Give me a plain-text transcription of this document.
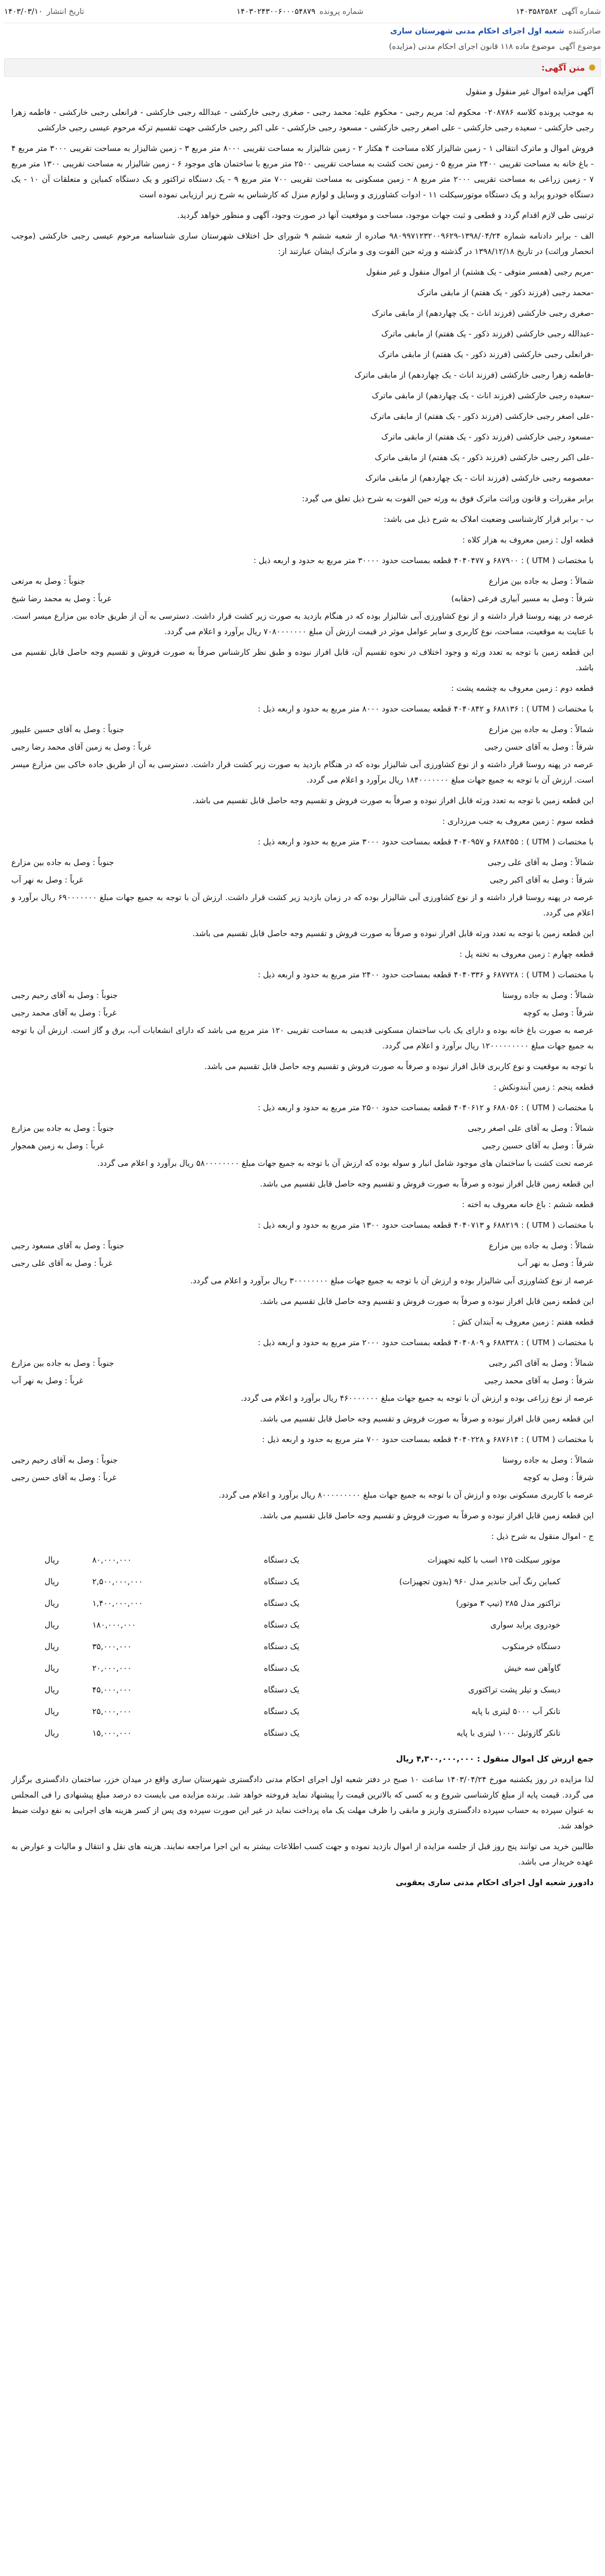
شماره آگهی
۱۴۰۳۵۸۲۵۸۲
شماره پرونده
۱۴۰۳۰۲۴۳۰۰۶۰۰۰۵۴۸۷۹
تاریخ انتشار
۱۴۰۳/۰۳/۱۰
صادرکننده
شعبه اول اجرای احکام مدنی شهرستان ساری
موضوع آگهی
موضوع ماده ۱۱۸ قانون اجرای احکام مدنی (مزایده)
متن آگهی:

آگهی مزایده اموال غیر منقول و منقول

به موجب پرونده کلاسه ۰۲۰۸۷۸۶ محکوم له: مریم رجبی - محکوم علیه: محمد رجبی - صغری رجبی خارکشی - عبدالله رجبی خارکشی - فرانعلی رجبی خارکشی - فاطمه زهرا رجبی خارکشی - سعیده رجبی خارکشی - علی اصغر رجبی خارکشی - مسعود رجبی خارکشی - علی اکبر رجبی خارکشی جهت تقسیم ترکه مرحوم عیسی رجبی خارکشی

فروش اموال و ماترک انتقالی ۱ - زمین شالیزار کلاه مساحت ۴ هکتار ۲ - زمین شالیزار به مساحت تقریبی ۸۰۰۰ متر مربع ۳ - زمین شالیزار به مساحت تقریبی ۳۰۰۰ متر مربع ۴ - باغ خانه به مساحت تقریبی ۲۴۰۰ متر مربع ۵ - زمین تحت کشت به مساحت تقریبی ۲۵۰۰ متر مربع با ساختمان های موجود ۶ - زمین شالیزار به مساحت تقریبی ۱۳۰۰ متر مربع ۷ - زمین زراعی به مساحت تقریبی ۲۰۰۰ متر مربع ۸ - زمین مسکونی به مساحت تقریبی ۷۰۰ متر مربع ۹ - یک دستگاه تراکتور و یک دستگاه کمباین و متعلقات آن ۱۰ - یک دستگاه خودرو پراید و یک دستگاه موتورسیکلت ۱۱ - ادوات کشاورزی و وسایل و لوازم منزل که کارشناس به شرح زیر ارزیابی نموده است

ترتیبی طی لازم اقدام گردد و قطعی و ثبت جهات موجود، مساحت و موقعیت آنها در صورت وجود، آگهی و منظور خواهد گردید.

الف - برابر دادنامه شماره ۱۳۹۸/۰۴/۲۴-۹۸۰۹۹۷۱۲۳۲۰۰۹۶۲۹ صادره از شعبه ششم ۹ شورای حل اختلاف شهرستان ساری شناسنامه مرحوم عیسی رجبی خارکشی (موجب انحصار وراثت) در تاریخ ۱۳۹۸/۱۲/۱۸ در گذشته و ورثه حین الفوت وی و ماترک ایشان عبارتند از:

-مریم رجبی (همسر متوفی - یک هشتم) از اموال منقول و غیر منقول

-محمد رجبی (فرزند ذکور - یک هفتم) از مابقی ماترک

-صغری رجبی خارکشی (فرزند اناث - یک چهاردهم) از مابقی ماترک

-عبدالله رجبی خارکشی (فرزند ذکور - یک هفتم) از مابقی ماترک

-فرانعلی رجبی خارکشی (فرزند ذکور - یک هفتم) از مابقی ماترک

-فاطمه زهرا رجبی خارکشی (فرزند اناث - یک چهاردهم) از مابقی ماترک

-سعیده رجبی خارکشی (فرزند اناث - یک چهاردهم) از مابقی ماترک

-علی اصغر رجبی خارکشی (فرزند ذکور - یک هفتم) از مابقی ماترک

-مسعود رجبی خارکشی (فرزند ذکور - یک هفتم) از مابقی ماترک

-علی اکبر رجبی خارکشی (فرزند ذکور - یک هفتم) از مابقی ماترک

-معصومه رجبی خارکشی (فرزند اناث - یک چهاردهم) از مابقی ماترک

برابر مقررات و قانون وراثت ماترک فوق به ورثه حین الفوت به شرح ذیل تعلق می گیرد:

ب - برابر قرار کارشناسی وضعیت املاک به شرح ذیل می باشد:

قطعه اول : زمین معروف به هزار کلاه :

با مختصات ( UTM ) : ۶۸۷۹۰۰ و ۴۰۴۰۴۷۷ قطعه بمساحت حدود ۳۰۰۰۰ متر مربع به حدود و اربعه ذیل :

شمالاً : وصل به جاده بین مزارع
جنوباً : وصل به مرتعی
شرقاً : وصل به مسیر آبیاری فرعی (حقابه)
غرباً : وصل به محمد رضا شیخ

عرصه در پهنه روستا قرار داشته و از نوع کشاورزی آبی شالیزار بوده که در هنگام بازدید به صورت زیر کشت قرار داشت. دسترسی به آن از طریق جاده بین مزارع میسر است. با عنایت به موقعیت، مساحت، نوع کاربری و سایر عوامل موثر در قیمت ارزش آن مبلغ ۷۰۸۰۰۰۰۰۰۰ ریال برآورد و اعلام می گردد.

این قطعه زمین با توجه به تعدد ورثه و وجود اختلاف در نحوه تقسیم آن، قابل افراز نبوده و طبق نظر کارشناس صرفاً به صورت فروش و تقسیم وجه حاصل قابل تقسیم می باشد.

قطعه دوم : زمین معروف به چشمه پشت :

با مختصات ( UTM ) : ۶۸۸۱۳۶ و ۴۰۴۰۸۴۲ قطعه بمساحت حدود ۸۰۰۰ متر مربع به حدود و اربعه ذیل :

شمالاً : وصل به جاده بین مزارع
جنوباً : وصل به آقای حسین علیپور
شرقاً : وصل به آقای حسن رجبی
غرباً : وصل به زمین آقای محمد رضا رجبی

عرصه در پهنه روستا قرار داشته و از نوع کشاورزی آبی شالیزار بوده که در هنگام بازدید به صورت زیر کشت قرار داشت. دسترسی به آن از طریق جاده خاکی بین مزارع میسر است. ارزش آن با توجه به جمیع جهات مبلغ ۱۸۴۰۰۰۰۰۰۰ ریال برآورد و اعلام می گردد.

این قطعه زمین با توجه به تعدد ورثه قابل افراز نبوده و صرفاً به صورت فروش و تقسیم وجه حاصل قابل تقسیم می باشد.

قطعه سوم : زمین معروف به جنب مرزداری :

با مختصات ( UTM ) : ۶۸۸۴۵۵ و ۴۰۴۰۹۵۷ قطعه بمساحت حدود ۳۰۰۰ متر مربع به حدود و اربعه ذیل :

شمالاً : وصل به آقای علی رجبی
جنوباً : وصل به جاده بین مزارع
شرقاً : وصل به آقای اکبر رجبی
غرباً : وصل به نهر آب

عرصه در پهنه روستا قرار داشته و از نوع کشاورزی آبی شالیزار بوده که در زمان بازدید زیر کشت قرار داشت. ارزش آن با توجه به جمیع جهات مبلغ ۶۹۰۰۰۰۰۰۰ ریال برآورد و اعلام می گردد.

این قطعه زمین با توجه به تعدد ورثه قابل افراز نبوده و صرفاً به صورت فروش و تقسیم وجه حاصل قابل تقسیم می باشد.

قطعه چهارم : زمین معروف به تخته پل :

با مختصات ( UTM ) : ۶۸۷۷۲۸ و ۴۰۴۰۳۳۶ قطعه بمساحت حدود ۲۴۰۰ متر مربع به حدود و اربعه ذیل :

شمالاً : وصل به جاده روستا
جنوباً : وصل به آقای رحیم رجبی
شرقاً : وصل به کوچه
غرباً : وصل به آقای محمد رجبی

عرصه به صورت باغ خانه بوده و دارای یک باب ساختمان مسکونی قدیمی به مساحت تقریبی ۱۲۰ متر مربع می باشد که دارای انشعابات آب، برق و گاز است. ارزش آن با توجه به جمیع جهات مبلغ ۱۲۰۰۰۰۰۰۰۰۰ ریال برآورد و اعلام می گردد.

با توجه به موقعیت و نوع کاربری قابل افراز نبوده و صرفاً به صورت فروش و تقسیم وجه حاصل قابل تقسیم می باشد.

قطعه پنجم : زمین آبندونکش :

با مختصات ( UTM ) : ۶۸۸۰۵۶ و ۴۰۴۰۶۱۲ قطعه بمساحت حدود ۲۵۰۰ متر مربع به حدود و اربعه ذیل :

شمالاً : وصل به آقای علی اصغر رجبی
جنوباً : وصل به جاده بین مزارع
شرقاً : وصل به آقای حسین رجبی
غرباً : وصل به زمین همجوار

عرصه تحت کشت با ساختمان های موجود شامل انبار و سوله بوده که ارزش آن با توجه به جمیع جهات مبلغ ۵۸۰۰۰۰۰۰۰۰ ریال برآورد و اعلام می گردد.

این قطعه زمین قابل افراز نبوده و صرفاً به صورت فروش و تقسیم وجه حاصل قابل تقسیم می باشد.

قطعه ششم : باغ خانه معروف به اخته :

با مختصات ( UTM ) : ۶۸۸۲۱۹ و ۴۰۴۰۷۱۳ قطعه بمساحت حدود ۱۳۰۰ متر مربع به حدود و اربعه ذیل :

شمالاً : وصل به جاده بین مزارع
جنوباً : وصل به آقای مسعود رجبی
شرقاً : وصل به نهر آب
غرباً : وصل به آقای علی رجبی

عرصه از نوع کشاورزی آبی شالیزار بوده و ارزش آن با توجه به جمیع جهات مبلغ ۳۰۰۰۰۰۰۰۰ ریال برآورد و اعلام می گردد.

این قطعه زمین قابل افراز نبوده و صرفاً به صورت فروش و تقسیم وجه حاصل قابل تقسیم می باشد.

قطعه هفتم : زمین معروف به آبندان کش :

با مختصات ( UTM ) : ۶۸۸۳۲۸ و ۴۰۴۰۸۰۹ قطعه بمساحت حدود ۲۰۰۰ متر مربع به حدود و اربعه ذیل :

شمالاً : وصل به آقای اکبر رجبی
جنوباً : وصل به جاده بین مزارع
شرقاً : وصل به آقای محمد رجبی
غرباً : وصل به نهر آب

عرصه از نوع زراعی بوده و ارزش آن با توجه به جمیع جهات مبلغ ۴۶۰۰۰۰۰۰۰ ریال برآورد و اعلام می گردد.

این قطعه زمین قابل افراز نبوده و صرفاً به صورت فروش و تقسیم وجه حاصل قابل تقسیم می باشد.

با مختصات ( UTM ) : ۶۸۷۶۱۴ و ۴۰۴۰۲۲۸ قطعه بمساحت حدود ۷۰۰ متر مربع به حدود و اربعه ذیل :

شمالاً : وصل به جاده روستا
جنوباً : وصل به آقای رحیم رجبی
شرقاً : وصل به کوچه
غرباً : وصل به آقای حسن رجبی

عرصه با کاربری مسکونی بوده و ارزش آن با توجه به جمیع جهات مبلغ ۸۰۰۰۰۰۰۰۰۰ ریال برآورد و اعلام می گردد.

این قطعه زمین قابل افراز نبوده و صرفاً به صورت فروش و تقسیم وجه حاصل قابل تقسیم می باشد.

ج - اموال منقول به شرح ذیل :

موتور سیکلت ۱۲۵ اسب با کلیه تجهیزات	یک دستگاه	۸۰,۰۰۰,۰۰۰	ریال
کمباین رنگ آبی جاندیر مدل ۹۶۰ (بدون تجهیزات)	یک دستگاه	۲,۵۰۰,۰۰۰,۰۰۰	ریال
تراکتور مدل ۲۸۵ (تیپ ۳ موتور)	یک دستگاه	۱,۴۰۰,۰۰۰,۰۰۰	ریال
خودروی پراید سواری	یک دستگاه	۱۸۰,۰۰۰,۰۰۰	ریال
دستگاه خرمنکوب	یک دستگاه	۳۵,۰۰۰,۰۰۰	ریال
گاوآهن سه خیش	یک دستگاه	۲۰,۰۰۰,۰۰۰	ریال
دیسک و تیلر پشت تراکتوری	یک دستگاه	۴۵,۰۰۰,۰۰۰	ریال
تانکر آب ۵۰۰۰ لیتری با پایه	یک دستگاه	۲۵,۰۰۰,۰۰۰	ریال
تانکر گازوئیل ۱۰۰۰ لیتری با پایه	یک دستگاه	۱۵,۰۰۰,۰۰۰	ریال

جمع ارزش کل اموال منقول : ۴,۳۰۰,۰۰۰,۰۰۰ ریال

لذا مزایده در روز یکشنبه مورخ ۱۴۰۳/۰۴/۲۴ ساعت ۱۰ صبح در دفتر شعبه اول اجرای احکام مدنی دادگستری شهرستان ساری واقع در میدان خزر، ساختمان دادگستری برگزار می گردد. قیمت پایه از مبلغ کارشناسی شروع و به کسی که بالاترین قیمت را پیشنهاد نماید فروخته خواهد شد. برنده مزایده می بایست ده درصد مبلغ پیشنهادی را فی المجلس به عنوان سپرده به حساب سپرده دادگستری واریز و مابقی را ظرف مهلت یک ماه پرداخت نماید در غیر این صورت سپرده وی پس از کسر هزینه های اجرایی به نفع دولت ضبط خواهد شد.

طالبین خرید می توانند پنج روز قبل از جلسه مزایده از اموال بازدید نموده و جهت کسب اطلاعات بیشتر به این اجرا مراجعه نمایند. هزینه های نقل و انتقال و مالیات و عوارض به عهده خریدار می باشد.

دادورز شعبه اول اجرای احکام مدنی ساری یعقوبی
